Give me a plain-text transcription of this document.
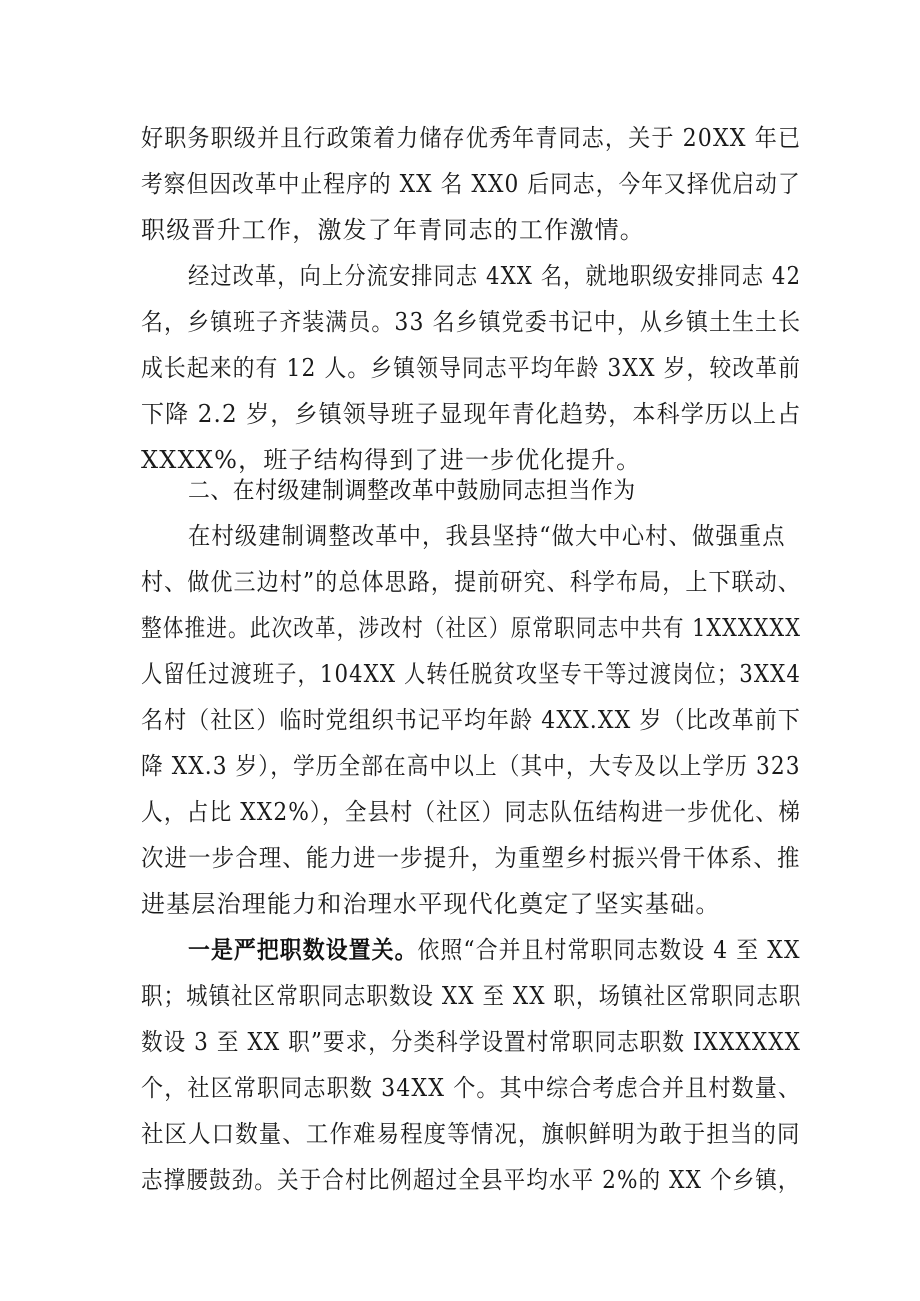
好职务职级并且行政策着力储存优秀年青同志，关于 20XX 年已
考察但因改革中止程序的 XX 名 XX0 后同志，今年又择优启动了
职级晋升工作，激发了年青同志的工作激情。
经过改革，向上分流安排同志 4XX 名，就地职级安排同志 42
名，乡镇班子齐装满员。33 名乡镇党委书记中，从乡镇土生土长
成长起来的有 12 人。乡镇领导同志平均年龄 3XX 岁，较改革前
下降 2.2 岁，乡镇领导班子显现年青化趋势，本科学历以上占
XXXX%，班子结构得到了进一步优化提升。
二、在村级建制调整改革中鼓励同志担当作为
在村级建制调整改革中，我县坚持“做大中心村、做强重点
村、做优三边村”的总体思路，提前研究、科学布局，上下联动、
整体推进。此次改革，涉改村（社区）原常职同志中共有 1XXXXXX
人留任过渡班子，104XX 人转任脱贫攻坚专干等过渡岗位；3XX4
名村（社区）临时党组织书记平均年龄 4XX.XX 岁（比改革前下
降 XX.3 岁），学历全部在高中以上（其中，大专及以上学历 323
人，占比 XX2%），全县村（社区）同志队伍结构进一步优化、梯
次进一步合理、能力进一步提升，为重塑乡村振兴骨干体系、推
进基层治理能力和治理水平现代化奠定了坚实基础。
一是严把职数设置关。依照“合并且村常职同志数设 4 至 XX
职；城镇社区常职同志职数设 XX 至 XX 职，场镇社区常职同志职
数设 3 至 XX 职”要求，分类科学设置村常职同志职数 IXXXXXX
个，社区常职同志职数 34XX 个。其中综合考虑合并且村数量、
社区人口数量、工作难易程度等情况，旗帜鲜明为敢于担当的同
志撑腰鼓劲。关于合村比例超过全县平均水平 2%的 XX 个乡镇，
